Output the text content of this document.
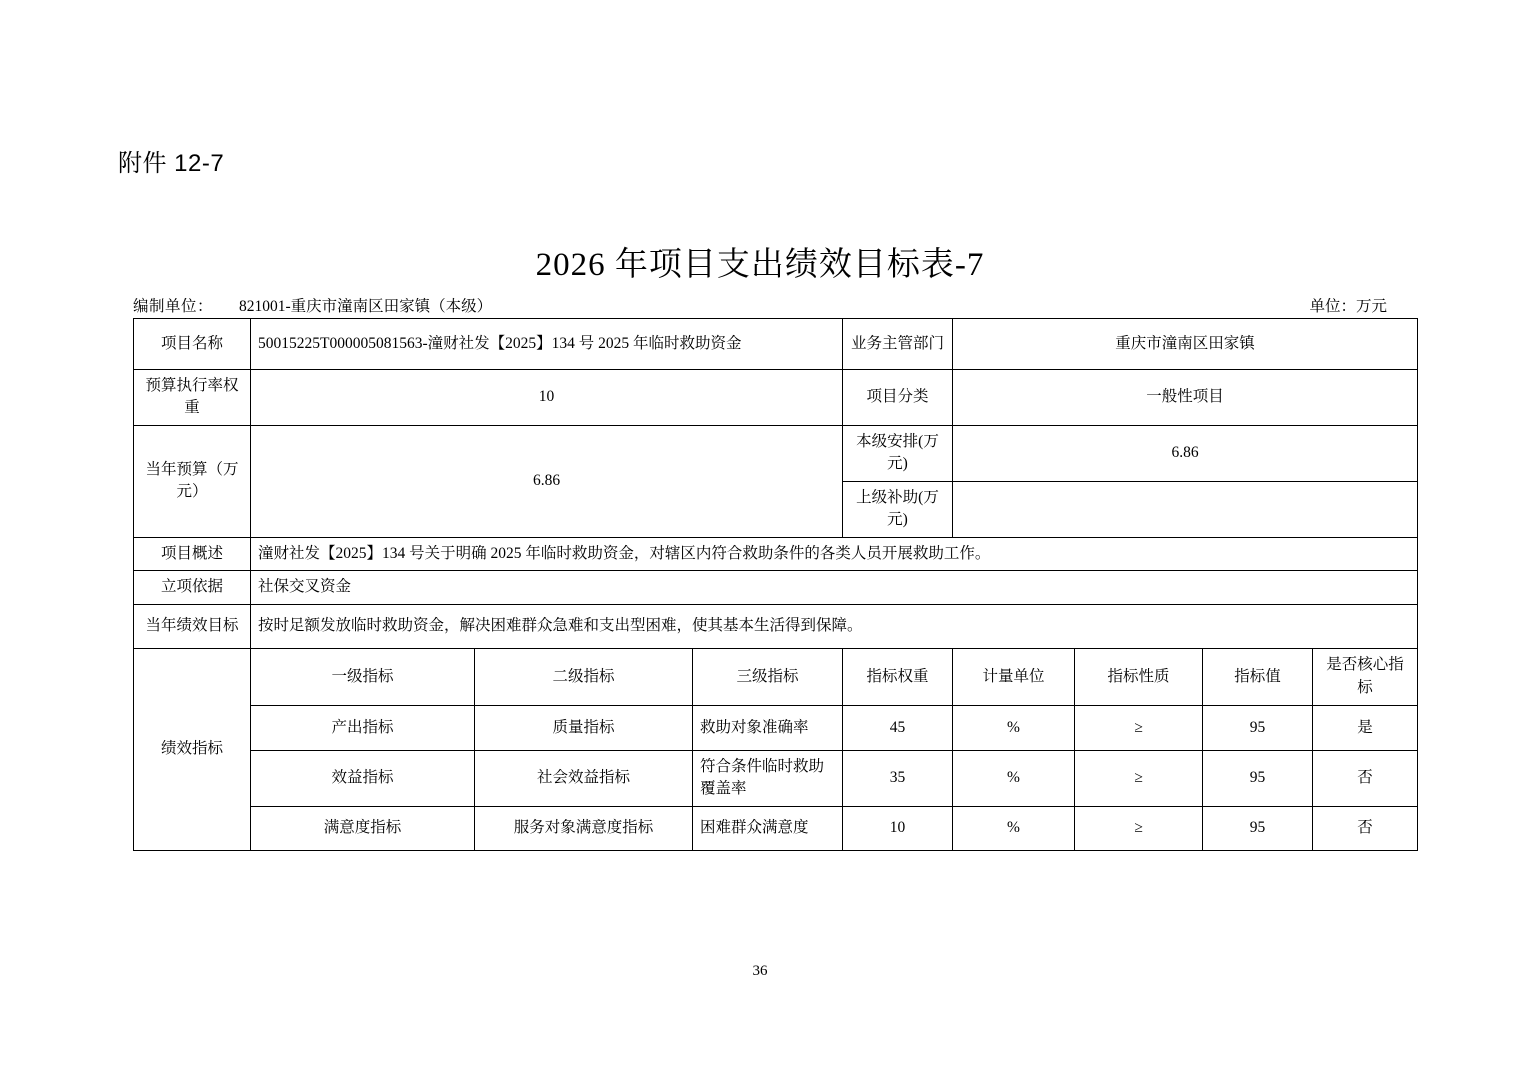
附件 12-7
2026 年项目支出绩效目标表-7
编制单位： 821001-重庆市潼南区田家镇（本级）	单位：万元
项目名称	50015225T000005081563-潼财社发【2025】134 号 2025 年临时救助资金			业务主管部门	重庆市潼南区田家镇			
预算执行率权重	10			项目分类	一般性项目			
当年预算（万元）	6.86			本级安排(万元)	6.86			
				上级补助(万元)				
项目概述	潼财社发【2025】134 号关于明确 2025 年临时救助资金，对辖区内符合救助条件的各类人员开展救助工作。							
立项依据	社保交叉资金							
当年绩效目标	按时足额发放临时救助资金，解决困难群众急难和支出型困难，使其基本生活得到保障。							
绩效指标	一级指标	二级指标	三级指标	指标权重	计量单位	指标性质	指标值	是否核心指标
	产出指标	质量指标	救助对象准确率	45	%	≥	95	是
	效益指标	社会效益指标	符合条件临时救助覆盖率	35	%	≥	95	否
	满意度指标	服务对象满意度指标	困难群众满意度	10	%	≥	95	否
36
